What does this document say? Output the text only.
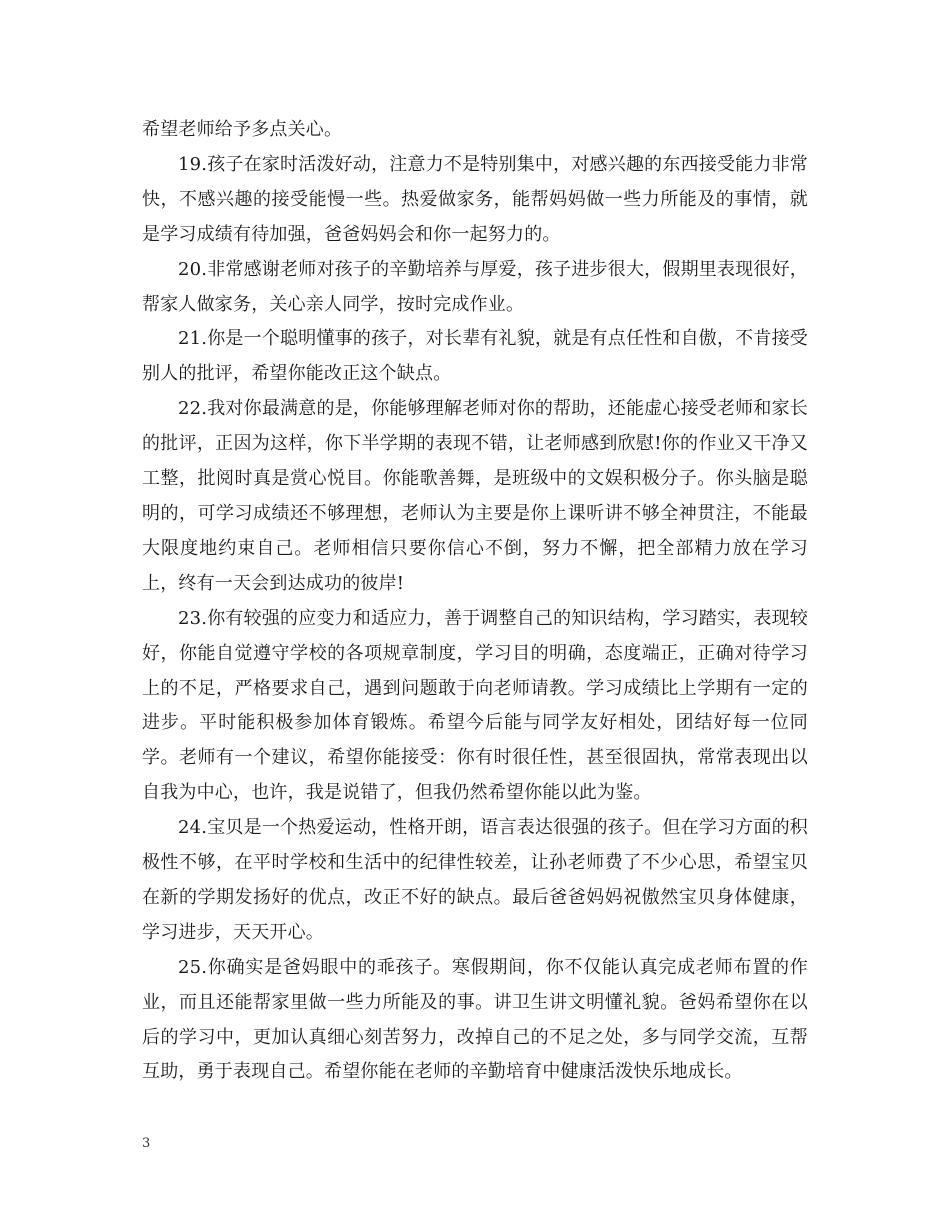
希望老师给予多点关心。

19.孩子在家时活泼好动，注意力不是特别集中，对感兴趣的东西接受能力非常快，不感兴趣的接受能慢一些。热爱做家务，能帮妈妈做一些力所能及的事情，就是学习成绩有待加强，爸爸妈妈会和你一起努力的。

20.非常感谢老师对孩子的辛勤培养与厚爱，孩子进步很大，假期里表现很好，帮家人做家务，关心亲人同学，按时完成作业。

21.你是一个聪明懂事的孩子，对长辈有礼貌，就是有点任性和自傲，不肯接受别人的批评，希望你能改正这个缺点。

22.我对你最满意的是，你能够理解老师对你的帮助，还能虚心接受老师和家长的批评，正因为这样，你下半学期的表现不错，让老师感到欣慰!你的作业又干净又工整，批阅时真是赏心悦目。你能歌善舞，是班级中的文娱积极分子。你头脑是聪明的，可学习成绩还不够理想，老师认为主要是你上课听讲不够全神贯注，不能最大限度地约束自己。老师相信只要你信心不倒，努力不懈，把全部精力放在学习上，终有一天会到达成功的彼岸!

23.你有较强的应变力和适应力，善于调整自己的知识结构，学习踏实，表现较好，你能自觉遵守学校的各项规章制度，学习目的明确，态度端正，正确对待学习上的不足，严格要求自己，遇到问题敢于向老师请教。学习成绩比上学期有一定的进步。平时能积极参加体育锻炼。希望今后能与同学友好相处，团结好每一位同学。老师有一个建议，希望你能接受：你有时很任性，甚至很固执，常常表现出以自我为中心，也许，我是说错了，但我仍然希望你能以此为鉴。

24.宝贝是一个热爱运动，性格开朗，语言表达很强的孩子。但在学习方面的积极性不够，在平时学校和生活中的纪律性较差，让孙老师费了不少心思，希望宝贝在新的学期发扬好的优点，改正不好的缺点。最后爸爸妈妈祝傲然宝贝身体健康，学习进步，天天开心。

25.你确实是爸妈眼中的乖孩子。寒假期间，你不仅能认真完成老师布置的作业，而且还能帮家里做一些力所能及的事。讲卫生讲文明懂礼貌。爸妈希望你在以后的学习中，更加认真细心刻苦努力，改掉自己的不足之处，多与同学交流，互帮互助，勇于表现自己。希望你能在老师的辛勤培育中健康活泼快乐地成长。

3
